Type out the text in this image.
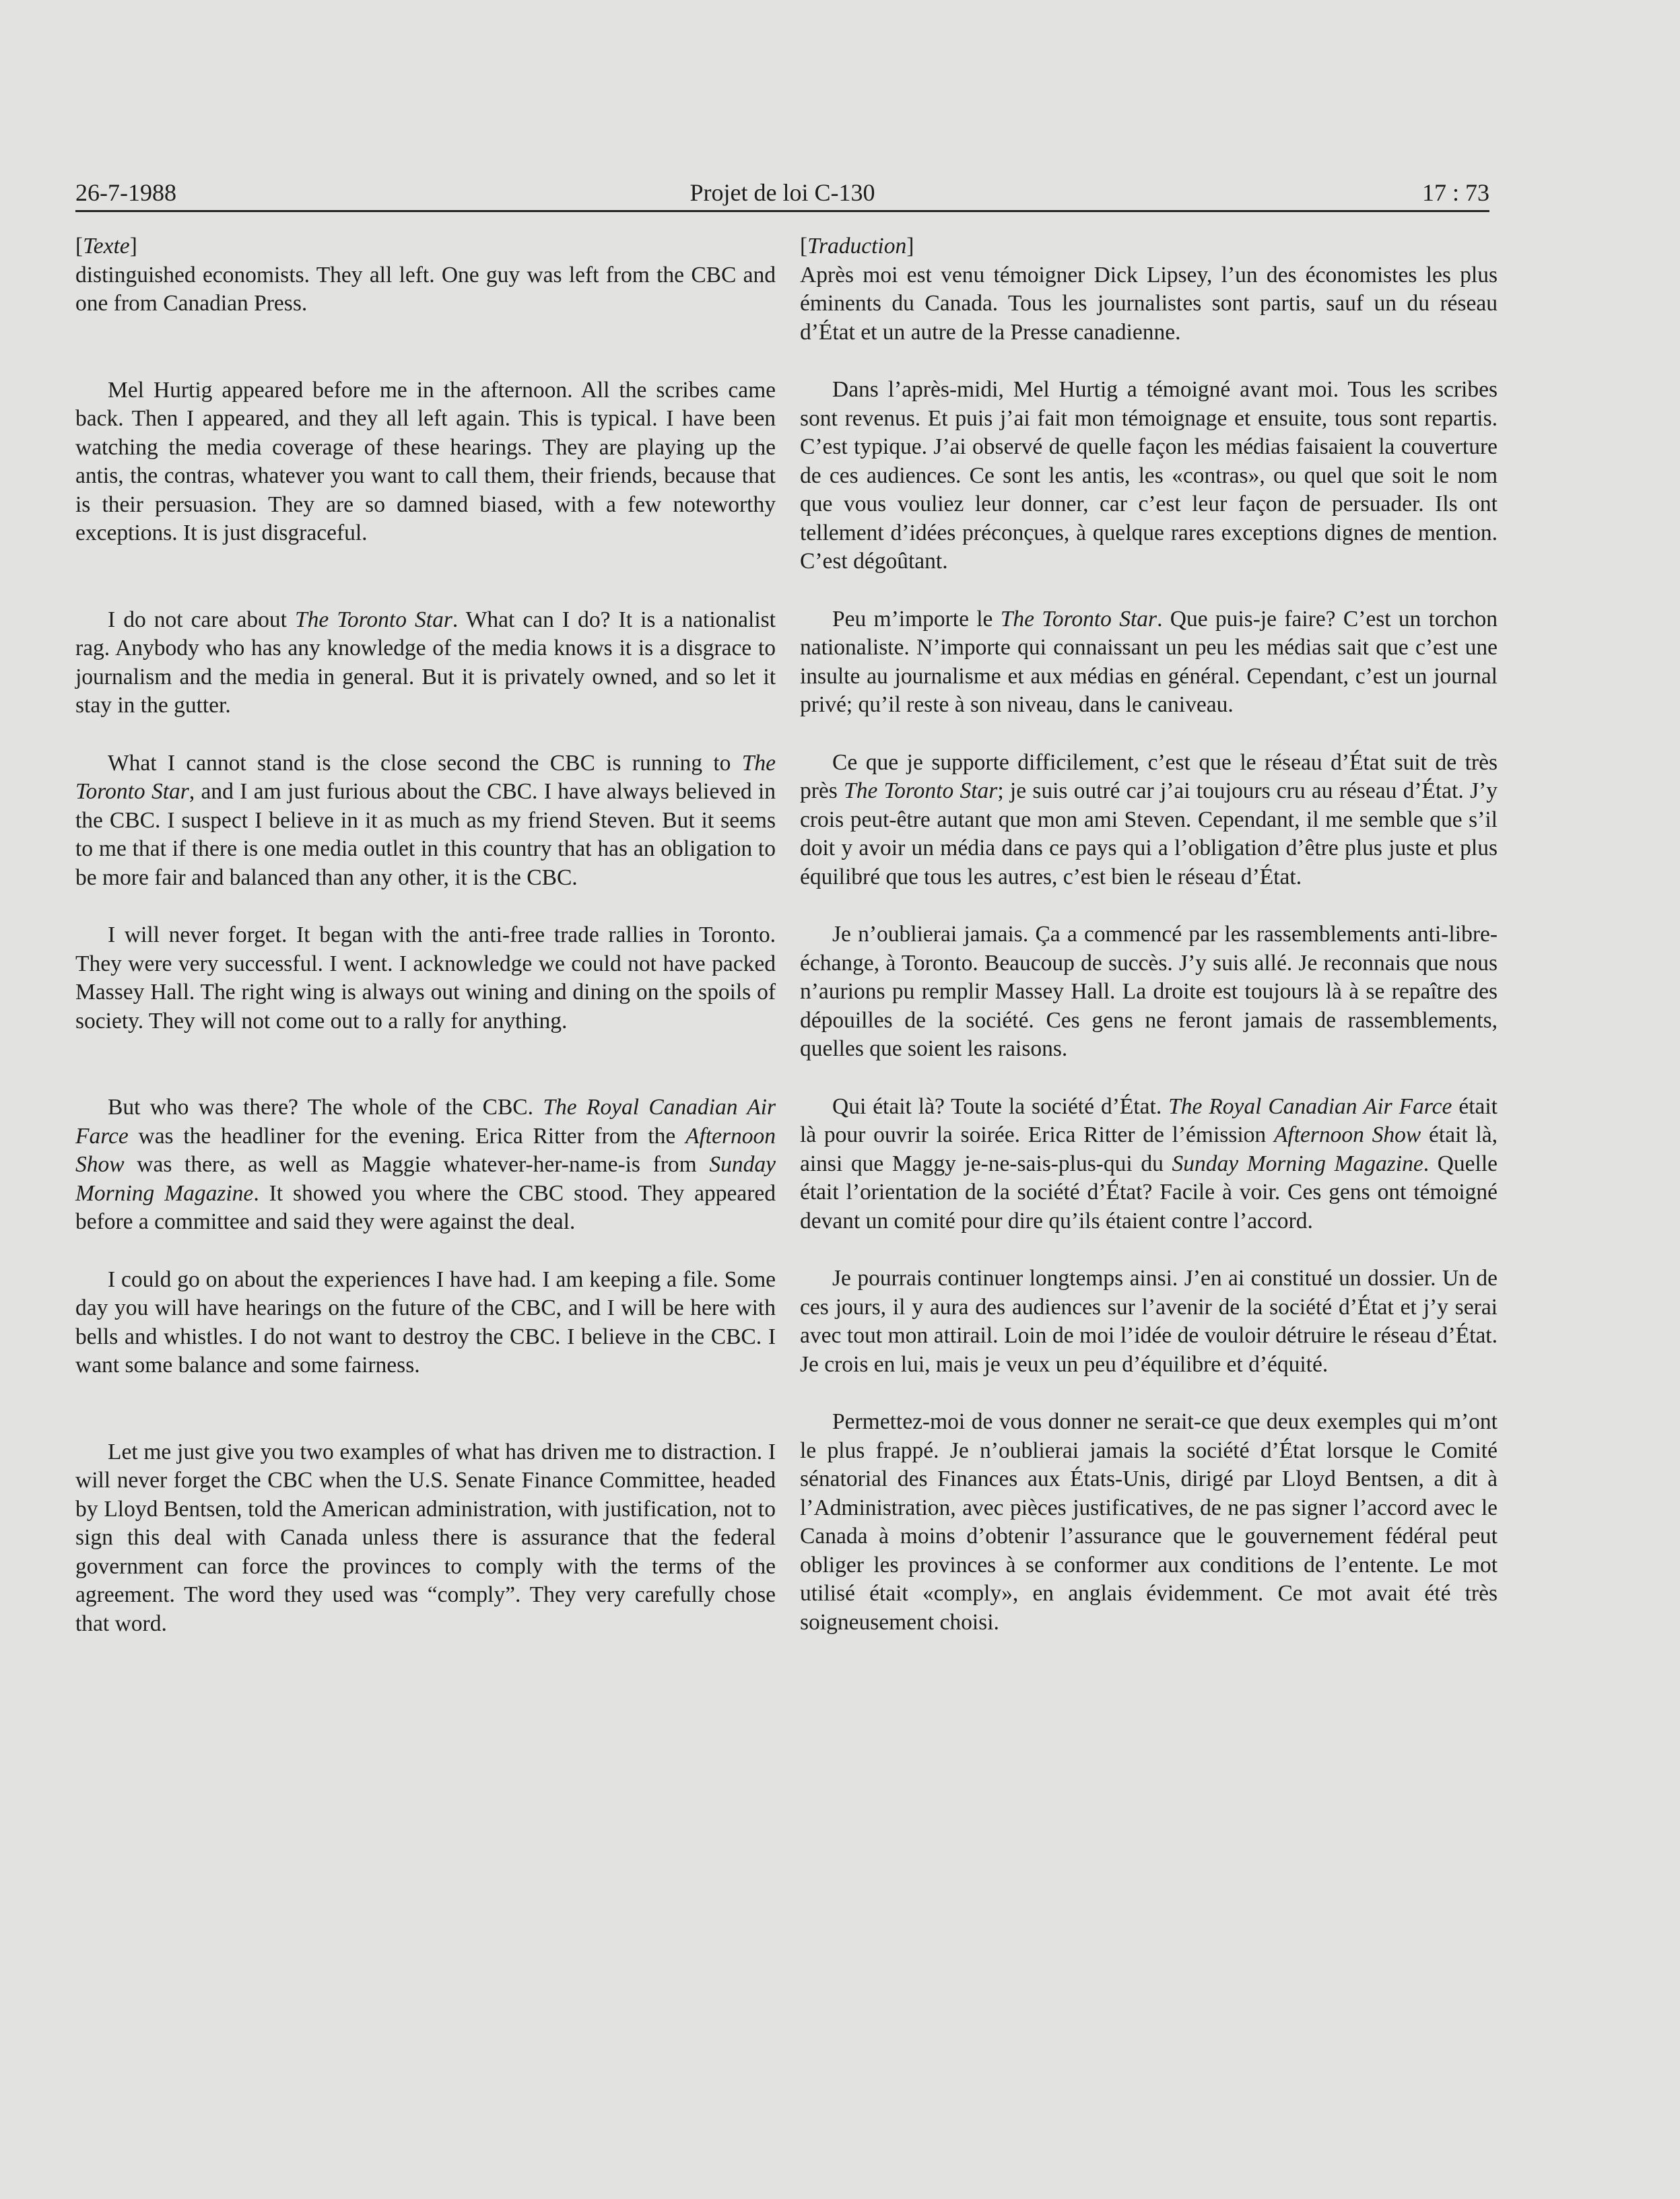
26-7-1988	Projet de loi C-130	17 : 73

[Texte]

distinguished economists. They all left. One guy was left from the CBC and one from Canadian Press.

Mel Hurtig appeared before me in the afternoon. All the scribes came back. Then I appeared, and they all left again. This is typical. I have been watching the media coverage of these hearings. They are playing up the antis, the contras, whatever you want to call them, their friends, because that is their persuasion. They are so damned biased, with a few noteworthy exceptions. It is just disgraceful.

I do not care about The Toronto Star. What can I do? It is a nationalist rag. Anybody who has any knowledge of the media knows it is a disgrace to journalism and the media in general. But it is privately owned, and so let it stay in the gutter.

What I cannot stand is the close second the CBC is running to The Toronto Star, and I am just furious about the CBC. I have always believed in the CBC. I suspect I believe in it as much as my friend Steven. But it seems to me that if there is one media outlet in this country that has an obligation to be more fair and balanced than any other, it is the CBC.

I will never forget. It began with the anti-free trade rallies in Toronto. They were very successful. I went. I acknowledge we could not have packed Massey Hall. The right wing is always out wining and dining on the spoils of society. They will not come out to a rally for anything.

But who was there? The whole of the CBC. The Royal Canadian Air Farce was the headliner for the evening. Erica Ritter from the Afternoon Show was there, as well as Maggie whatever-her-name-is from Sunday Morning Magazine. It showed you where the CBC stood. They appeared before a committee and said they were against the deal.

I could go on about the experiences I have had. I am keeping a file. Some day you will have hearings on the future of the CBC, and I will be here with bells and whistles. I do not want to destroy the CBC. I believe in the CBC. I want some balance and some fairness.

Let me just give you two examples of what has driven me to distraction. I will never forget the CBC when the U.S. Senate Finance Committee, headed by Lloyd Bentsen, told the American administration, with justification, not to sign this deal with Canada unless there is assurance that the federal government can force the provinces to comply with the terms of the agreement. The word they used was “comply”. They very carefully chose that word.

[Traduction]

Après moi est venu témoigner Dick Lipsey, l’un des économistes les plus éminents du Canada. Tous les journalistes sont partis, sauf un du réseau d’État et un autre de la Presse canadienne.

Dans l’après-midi, Mel Hurtig a témoigné avant moi. Tous les scribes sont revenus. Et puis j’ai fait mon témoignage et ensuite, tous sont repartis. C’est typique. J’ai observé de quelle façon les médias faisaient la couverture de ces audiences. Ce sont les antis, les «contras», ou quel que soit le nom que vous vouliez leur donner, car c’est leur façon de persuader. Ils ont tellement d’idées préconçues, à quelque rares exceptions dignes de mention. C’est dégoûtant.

Peu m’importe le The Toronto Star. Que puis-je faire? C’est un torchon nationaliste. N’importe qui connaissant un peu les médias sait que c’est une insulte au journalisme et aux médias en général. Cependant, c’est un journal privé; qu’il reste à son niveau, dans le caniveau.

Ce que je supporte difficilement, c’est que le réseau d’État suit de très près The Toronto Star; je suis outré car j’ai toujours cru au réseau d’État. J’y crois peut-être autant que mon ami Steven. Cependant, il me semble que s’il doit y avoir un média dans ce pays qui a l’obligation d’être plus juste et plus équilibré que tous les autres, c’est bien le réseau d’État.

Je n’oublierai jamais. Ça a commencé par les rassemblements anti-libre-échange, à Toronto. Beaucoup de succès. J’y suis allé. Je reconnais que nous n’aurions pu remplir Massey Hall. La droite est toujours là à se repaître des dépouilles de la société. Ces gens ne feront jamais de rassemblements, quelles que soient les raisons.

Qui était là? Toute la société d’État. The Royal Canadian Air Farce était là pour ouvrir la soirée. Erica Ritter de l’émission Afternoon Show était là, ainsi que Maggy je-ne-sais-plus-qui du Sunday Morning Magazine. Quelle était l’orientation de la société d’État? Facile à voir. Ces gens ont témoigné devant un comité pour dire qu’ils étaient contre l’accord.

Je pourrais continuer longtemps ainsi. J’en ai constitué un dossier. Un de ces jours, il y aura des audiences sur l’avenir de la société d’État et j’y serai avec tout mon attirail. Loin de moi l’idée de vouloir détruire le réseau d’État. Je crois en lui, mais je veux un peu d’équilibre et d’équité.

Permettez-moi de vous donner ne serait-ce que deux exemples qui m’ont le plus frappé. Je n’oublierai jamais la société d’État lorsque le Comité sénatorial des Finances aux États-Unis, dirigé par Lloyd Bentsen, a dit à l’Administration, avec pièces justificatives, de ne pas signer l’accord avec le Canada à moins d’obtenir l’assurance que le gouvernement fédéral peut obliger les provinces à se conformer aux conditions de l’entente. Le mot utilisé était «comply», en anglais évidemment. Ce mot avait été très soigneusement choisi.
